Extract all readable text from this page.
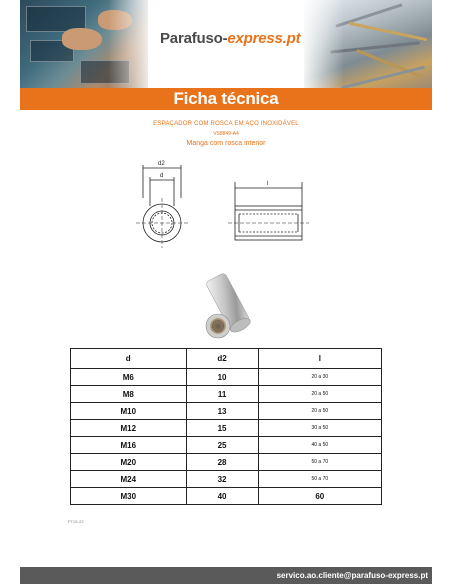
Parafuso-express.pt
Ficha técnica
ESPAÇADOR COM ROSCA EM AÇO INOXIDÁVEL
VS8849-A4
Manga com rosca interior
d2
d
l
d	d2	l
M6	10	20 a 30
M8	11	20 a 50
M10	13	20 a 50
M12	15	30 a 50
M16	25	40 a 50
M20	28	50 a 70
M24	32	50 a 70
M30	40	60
FT.01.22
servico.ao.cliente@parafuso-express.pt
